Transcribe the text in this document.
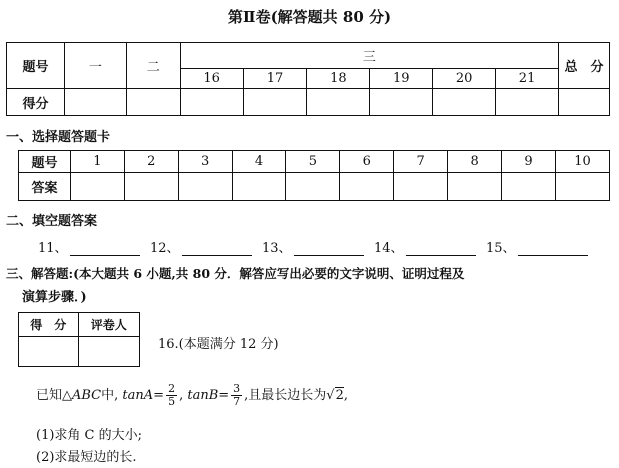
第Ⅱ卷(解答题共 80 分)
题号	一	二	三						总　分
			16	17	18	19	20	21	
得分									
一、选择题答题卡
题号	1	2	3	4	5	6	7	8	9	10
答案										
二、填空题答案
11、	12、	13、	14、	15、
三、解答题:(本大题共 6 小题,共 80 分．解答应写出必要的文字说明、证明过程及
演算步骤．)
得　分	评卷人

16.(本题满分 12 分)
已知△ABC中, $\tan A= \frac{2}{5}$ , $\tan B= \frac{3}{7}$ ,且最长边长为√2,
(1)求角 C 的大小;
(2)求最短边的长.
